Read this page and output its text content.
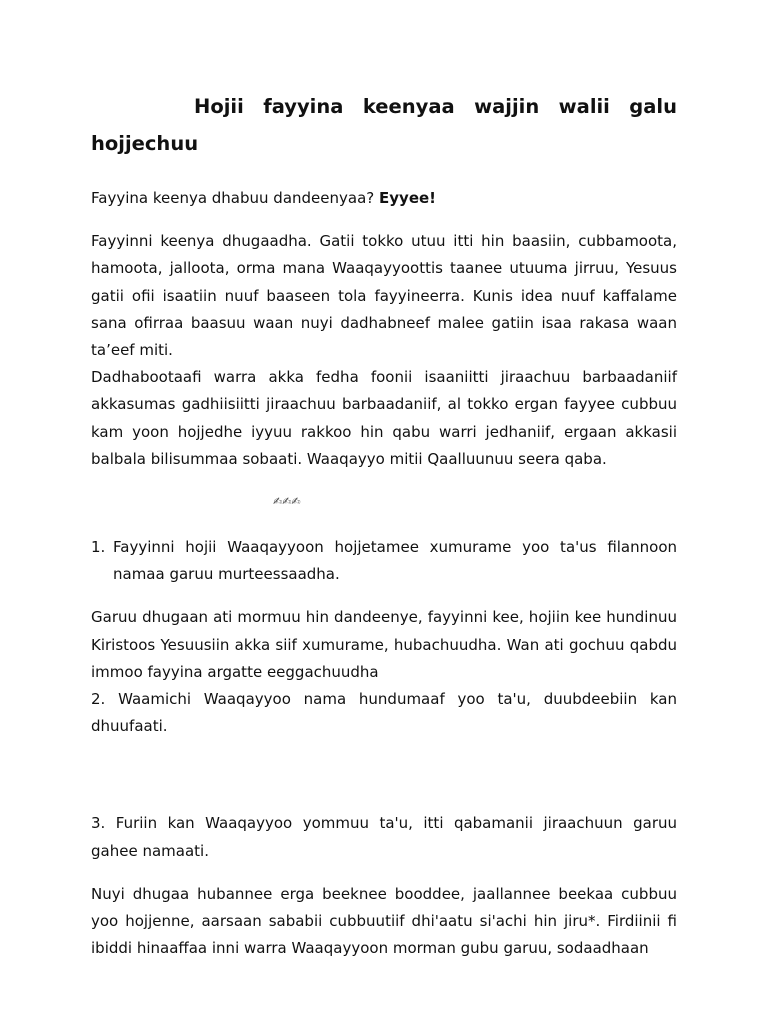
Hojii fayyina keenyaa wajjin walii galu hojjechuu

Fayyina keenya dhabuu dandeenyaa? Eyyee!

Fayyinni keenya dhugaadha. Gatii tokko utuu itti hin baasiin, cubbamoota, hamoota, jalloota, orma mana Waaqayyoottis taanee utuuma jirruu, Yesuus gatii ofii isaatiin nuuf baaseen tola fayyineerra. Kunis idea nuuf kaffalame sana ofirraa baasuu waan nuyi dadhabneef malee gatiin isaa rakasa waan ta’eef miti.

Dadhabootaafi warra akka fedha foonii isaaniitti jiraachuu barbaadaniif akkasumas gadhiisiitti jiraachuu barbaadaniif, al tokko ergan fayyee cubbuu kam yoon hojjedhe iyyuu rakkoo hin qabu warri jedhaniif, ergaan akkasii balbala bilisummaa sobaati. Waaqayyo mitii Qaalluunuu seera qaba.

✍✍✍
1. Fayyinni hojii Waaqayyoon hojjetamee xumurame yoo ta'us filannoon namaa garuu murteessaadha.

Garuu dhugaan ati mormuu hin dandeenye, fayyinni kee, hojiin kee hundinuu Kiristoos Yesuusiin akka siif xumurame, hubachuudha. Wan ati gochuu qabdu immoo fayyina argatte eeggachuudha

2. Waamichi Waaqayyoo nama hundumaaf yoo ta'u, duubdeebiin kan dhuufaati.

3. Furiin kan Waaqayyoo yommuu ta'u, itti qabamanii jiraachuun garuu gahee namaati.

Nuyi dhugaa hubannee erga beeknee booddee, jaallannee beekaa cubbuu yoo hojjenne, aarsaan sababii cubbuutiif dhi'aatu si'achi hin jiru*. Firdiinii fi ibiddi hinaaffaa inni warra Waaqayyoon morman gubu garuu, sodaadhaan
